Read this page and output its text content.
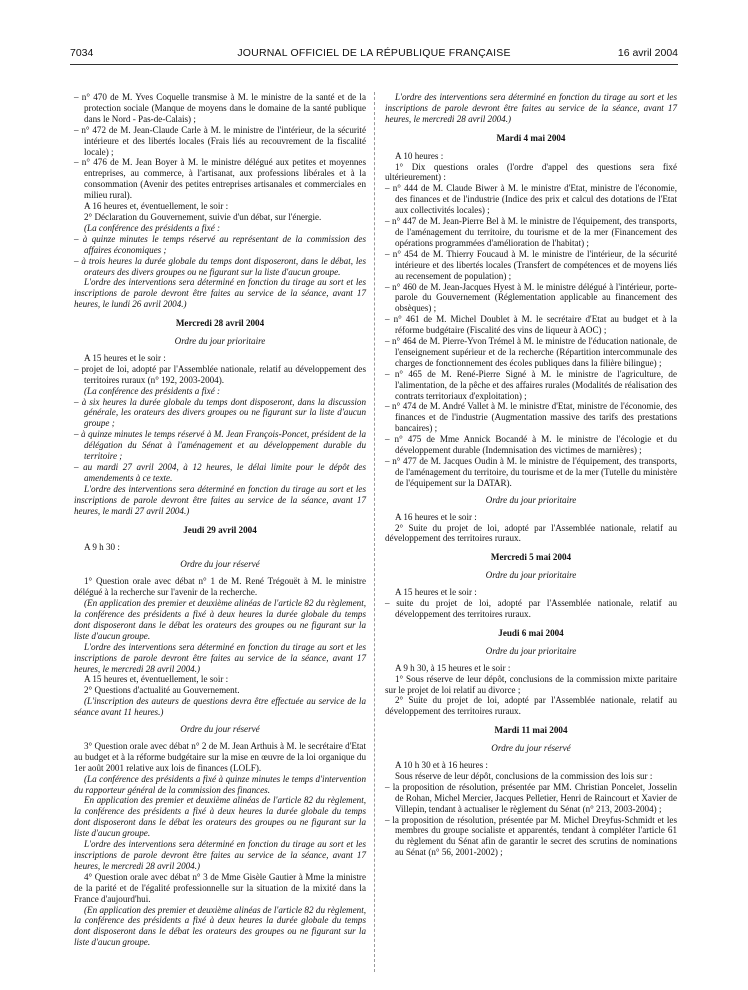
7034	JOURNAL OFFICIEL DE LA RÉPUBLIQUE FRANÇAISE	16 avril 2004

– n° 470 de M. Yves Coquelle transmise à M. le ministre de la santé et de la protection sociale (Manque de moyens dans le domaine de la santé publique dans le Nord - Pas-de-Calais) ;

– n° 472 de M. Jean-Claude Carle à M. le ministre de l'intérieur, de la sécurité intérieure et des libertés locales (Frais liés au recouvrement de la fiscalité locale) ;

– n° 476 de M. Jean Boyer à M. le ministre délégué aux petites et moyennes entreprises, au commerce, à l'artisanat, aux professions libérales et à la consommation (Avenir des petites entreprises artisanales et commerciales en milieu rural).

A 16 heures et, éventuellement, le soir :

2° Déclaration du Gouvernement, suivie d'un débat, sur l'énergie.

(La conférence des présidents a fixé :

– à quinze minutes le temps réservé au représentant de la commission des affaires économiques ;

– à trois heures la durée globale du temps dont disposeront, dans le débat, les orateurs des divers groupes ou ne figurant sur la liste d'aucun groupe.

L'ordre des interventions sera déterminé en fonction du tirage au sort et les inscriptions de parole devront être faites au service de la séance, avant 17 heures, le lundi 26 avril 2004.)

Mercredi 28 avril 2004

Ordre du jour prioritaire

A 15 heures et le soir :

– projet de loi, adopté par l'Assemblée nationale, relatif au développement des territoires ruraux (n° 192, 2003-2004).

(La conférence des présidents a fixé :

– à six heures la durée globale du temps dont disposeront, dans la discussion générale, les orateurs des divers groupes ou ne figurant sur la liste d'aucun groupe ;

– à quinze minutes le temps réservé à M. Jean François-Poncet, président de la délégation du Sénat à l'aménagement et au développement durable du territoire ;

– au mardi 27 avril 2004, à 12 heures, le délai limite pour le dépôt des amendements à ce texte.

L'ordre des interventions sera déterminé en fonction du tirage au sort et les inscriptions de parole devront être faites au service de la séance, avant 17 heures, le mardi 27 avril 2004.)

Jeudi 29 avril 2004

A 9 h 30 :

Ordre du jour réservé

1° Question orale avec débat n° 1 de M. René Trégouët à M. le ministre délégué à la recherche sur l'avenir de la recherche.

(En application des premier et deuxième alinéas de l'article 82 du règlement, la conférence des présidents a fixé à deux heures la durée globale du temps dont disposeront dans le débat les orateurs des groupes ou ne figurant sur la liste d'aucun groupe.

L'ordre des interventions sera déterminé en fonction du tirage au sort et les inscriptions de parole devront être faites au service de la séance, avant 17 heures, le mercredi 28 avril 2004.)

A 15 heures et, éventuellement, le soir :

2° Questions d'actualité au Gouvernement.

(L'inscription des auteurs de questions devra être effectuée au service de la séance avant 11 heures.)

Ordre du jour réservé

3° Question orale avec débat n° 2 de M. Jean Arthuis à M. le secrétaire d'Etat au budget et à la réforme budgétaire sur la mise en œuvre de la loi organique du 1er août 2001 relative aux lois de finances (LOLF).

(La conférence des présidents a fixé à quinze minutes le temps d'intervention du rapporteur général de la commission des finances.

En application des premier et deuxième alinéas de l'article 82 du règlement, la conférence des présidents a fixé à deux heures la durée globale du temps dont disposeront dans le débat les orateurs des groupes ou ne figurant sur la liste d'aucun groupe.

L'ordre des interventions sera déterminé en fonction du tirage au sort et les inscriptions de parole devront être faites au service de la séance, avant 17 heures, le mercredi 28 avril 2004.)

4° Question orale avec débat n° 3 de Mme Gisèle Gautier à Mme la ministre de la parité et de l'égalité professionnelle sur la situation de la mixité dans la France d'aujourd'hui.

(En application des premier et deuxième alinéas de l'article 82 du règlement, la conférence des présidents a fixé à deux heures la durée globale du temps dont disposeront dans le débat les orateurs des groupes ou ne figurant sur la liste d'aucun groupe.

L'ordre des interventions sera déterminé en fonction du tirage au sort et les inscriptions de parole devront être faites au service de la séance, avant 17 heures, le mercredi 28 avril 2004.)

Mardi 4 mai 2004

A 10 heures :

1° Dix questions orales (l'ordre d'appel des questions sera fixé ultérieurement) :

– n° 444 de M. Claude Biwer à M. le ministre d'Etat, ministre de l'économie, des finances et de l'industrie (Indice des prix et calcul des dotations de l'Etat aux collectivités locales) ;

– n° 447 de M. Jean-Pierre Bel à M. le ministre de l'équipement, des transports, de l'aménagement du territoire, du tourisme et de la mer (Financement des opérations programmées d'amélioration de l'habitat) ;

– n° 454 de M. Thierry Foucaud à M. le ministre de l'intérieur, de la sécurité intérieure et des libertés locales (Transfert de compétences et de moyens liés au recensement de population) ;

– n° 460 de M. Jean-Jacques Hyest à M. le ministre délégué à l'intérieur, porte-parole du Gouvernement (Réglementation applicable au financement des obsèques) ;

– n° 461 de M. Michel Doublet à M. le secrétaire d'Etat au budget et à la réforme budgétaire (Fiscalité des vins de liqueur à AOC) ;

– n° 464 de M. Pierre-Yvon Trémel à M. le ministre de l'éducation nationale, de l'enseignement supérieur et de la recherche (Répartition intercommunale des charges de fonctionnement des écoles publiques dans la filière bilingue) ;

– n° 465 de M. René-Pierre Signé à M. le ministre de l'agriculture, de l'alimentation, de la pêche et des affaires rurales (Modalités de réalisation des contrats territoriaux d'exploitation) ;

– n° 474 de M. André Vallet à M. le ministre d'Etat, ministre de l'économie, des finances et de l'industrie (Augmentation massive des tarifs des prestations bancaires) ;

– n° 475 de Mme Annick Bocandé à M. le ministre de l'écologie et du développement durable (Indemnisation des victimes de marnières) ;

– n° 477 de M. Jacques Oudin à M. le ministre de l'équipement, des transports, de l'aménagement du territoire, du tourisme et de la mer (Tutelle du ministère de l'équipement sur la DATAR).

Ordre du jour prioritaire

A 16 heures et le soir :

2° Suite du projet de loi, adopté par l'Assemblée nationale, relatif au développement des territoires ruraux.

Mercredi 5 mai 2004

Ordre du jour prioritaire

A 15 heures et le soir :

– suite du projet de loi, adopté par l'Assemblée nationale, relatif au développement des territoires ruraux.

Jeudi 6 mai 2004

Ordre du jour prioritaire

A 9 h 30, à 15 heures et le soir :

1° Sous réserve de leur dépôt, conclusions de la commission mixte paritaire sur le projet de loi relatif au divorce ;

2° Suite du projet de loi, adopté par l'Assemblée nationale, relatif au développement des territoires ruraux.

Mardi 11 mai 2004

Ordre du jour réservé

A 10 h 30 et à 16 heures :

Sous réserve de leur dépôt, conclusions de la commission des lois sur :

– la proposition de résolution, présentée par MM. Christian Poncelet, Josselin de Rohan, Michel Mercier, Jacques Pelletier, Henri de Raincourt et Xavier de Villepin, tendant à actualiser le règlement du Sénat (n° 213, 2003-2004) ;

– la proposition de résolution, présentée par M. Michel Dreyfus-Schmidt et les membres du groupe socialiste et apparentés, tendant à compléter l'article 61 du règlement du Sénat afin de garantir le secret des scrutins de nominations au Sénat (n° 56, 2001-2002) ;
